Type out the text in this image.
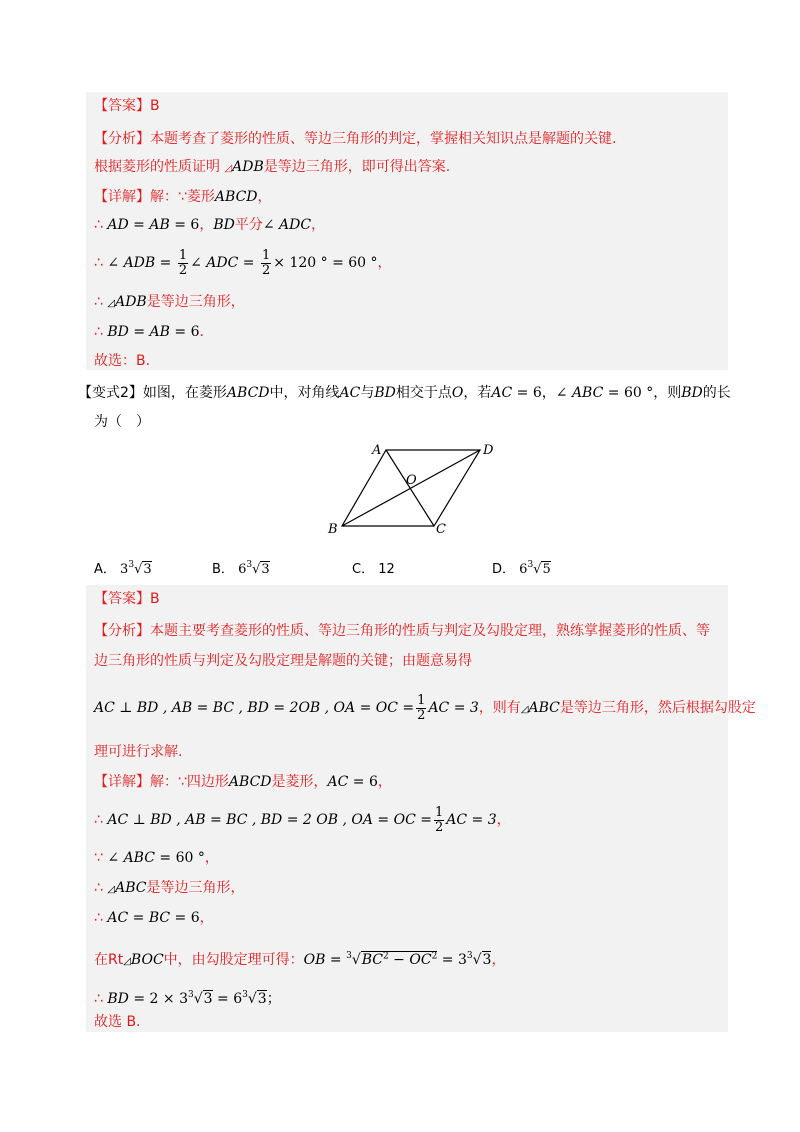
【答案】B
【分析】本题考查了菱形的性质、等边三角形的判定，掌握相关知识点是解题的关键.
根据菱形的性质证明 ◿ADB是等边三角形，即可得出答案.
【详解】解：∵菱形ABCD，
∴ AD = AB = 6，BD平分∠ ADC，
∴ ∠ ADB = $\frac{1}{2}$ ∠ ADC = $\frac{1}{2} \times 120$ ° = 60 °，
∴ ◿ADB是等边三角形，
∴ BD = AB = 6．
故选：B.
【变式2】如图，在菱形ABCD中，对角线AC与BD相交于点O，若AC = 6，∠ ABC = 60 °，则BD的长
为（　）
A	D
O
B	C
A． $3^3√3$	B． $6^3√3$	C． 12	D． $6^3√5$
【答案】B
【分析】本题主要考查菱形的性质、等边三角形的性质与判定及勾股定理，熟练掌握菱形的性质、等
边三角形的性质与判定及勾股定理是解题的关键；由题意易得
AC ⊥ BD , AB = BC , BD = 2OB , OA = OC = $\frac{1}{2}$ AC = 3，则有◿ABC是等边三角形，然后根据勾股定
理可进行求解.
【详解】解：∵四边形ABCD是菱形，AC = 6，
∴ AC ⊥ BD , AB = BC , BD = 2 OB , OA = OC = $\frac{1}{2}$ AC = 3，
∵ ∠ ABC = 60 °，
∴ ◿ABC是等边三角形，
∴ AC = BC = 6，
在Rt◿BOC中，由勾股定理可得：OB = $^3√BC^2 - OC^2 = 3^3√3$，
∴ BD = $2 \times 3^3√3 = 6^3√3$；
故选 B.
